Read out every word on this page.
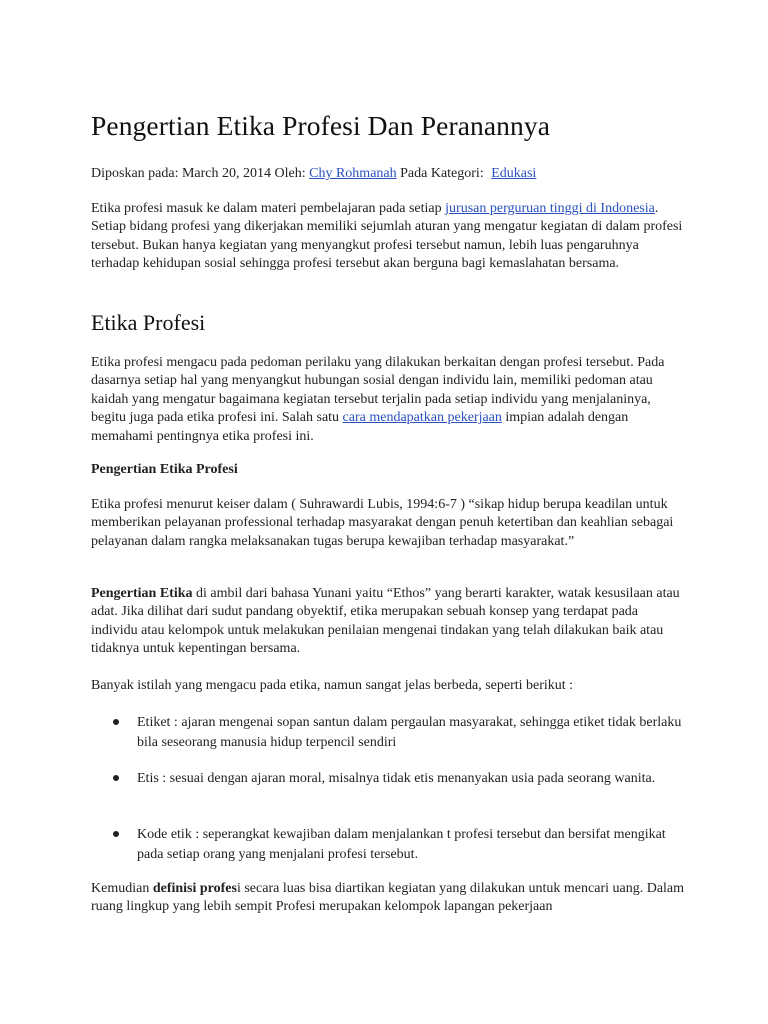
Pengertian Etika Profesi Dan Peranannya
Diposkan pada: March 20, 2014 Oleh: Chy Rohmanah Pada Kategori: Edukasi

Etika profesi masuk ke dalam materi pembelajaran pada setiap jurusan perguruan tinggi di Indonesia. Setiap bidang profesi yang dikerjakan memiliki sejumlah aturan yang mengatur kegiatan di dalam profesi tersebut. Bukan hanya kegiatan yang menyangkut profesi tersebut namun, lebih luas pengaruhnya terhadap kehidupan sosial sehingga profesi tersebut akan berguna bagi kemaslahatan bersama.

Etika Profesi

Etika profesi mengacu pada pedoman perilaku yang dilakukan berkaitan dengan profesi tersebut. Pada dasarnya setiap hal yang menyangkut hubungan sosial dengan individu lain, memiliki pedoman atau kaidah yang mengatur bagaimana kegiatan tersebut terjalin pada setiap individu yang menjalaninya, begitu juga pada etika profesi ini. Salah satu cara mendapatkan pekerjaan impian adalah dengan memahami pentingnya etika profesi ini.

Pengertian Etika Profesi

Etika profesi menurut keiser dalam ( Suhrawardi Lubis, 1994:6-7 ) “sikap hidup berupa keadilan untuk memberikan pelayanan professional terhadap masyarakat dengan penuh ketertiban dan keahlian sebagai pelayanan dalam rangka melaksanakan tugas berupa kewajiban terhadap masyarakat.”

Pengertian Etika di ambil dari bahasa Yunani yaitu “Ethos” yang berarti karakter, watak kesusilaan atau adat. Jika dilihat dari sudut pandang obyektif, etika merupakan sebuah konsep yang terdapat pada individu atau kelompok untuk melakukan penilaian mengenai tindakan yang telah dilakukan baik atau tidaknya untuk kepentingan bersama.

Banyak istilah yang mengacu pada etika, namun sangat jelas berbeda, seperti berikut :

Etiket : ajaran mengenai sopan santun dalam pergaulan masyarakat, sehingga etiket tidak berlaku bila seseorang manusia hidup terpencil sendiri
Etis : sesuai dengan ajaran moral, misalnya tidak etis menanyakan usia pada seorang wanita.
Kode etik : seperangkat kewajiban dalam menjalankan t profesi tersebut dan bersifat mengikat pada setiap orang yang menjalani profesi tersebut.

Kemudian definisi profesi secara luas bisa diartikan kegiatan yang dilakukan untuk mencari uang. Dalam ruang lingkup yang lebih sempit Profesi merupakan kelompok lapangan pekerjaan
